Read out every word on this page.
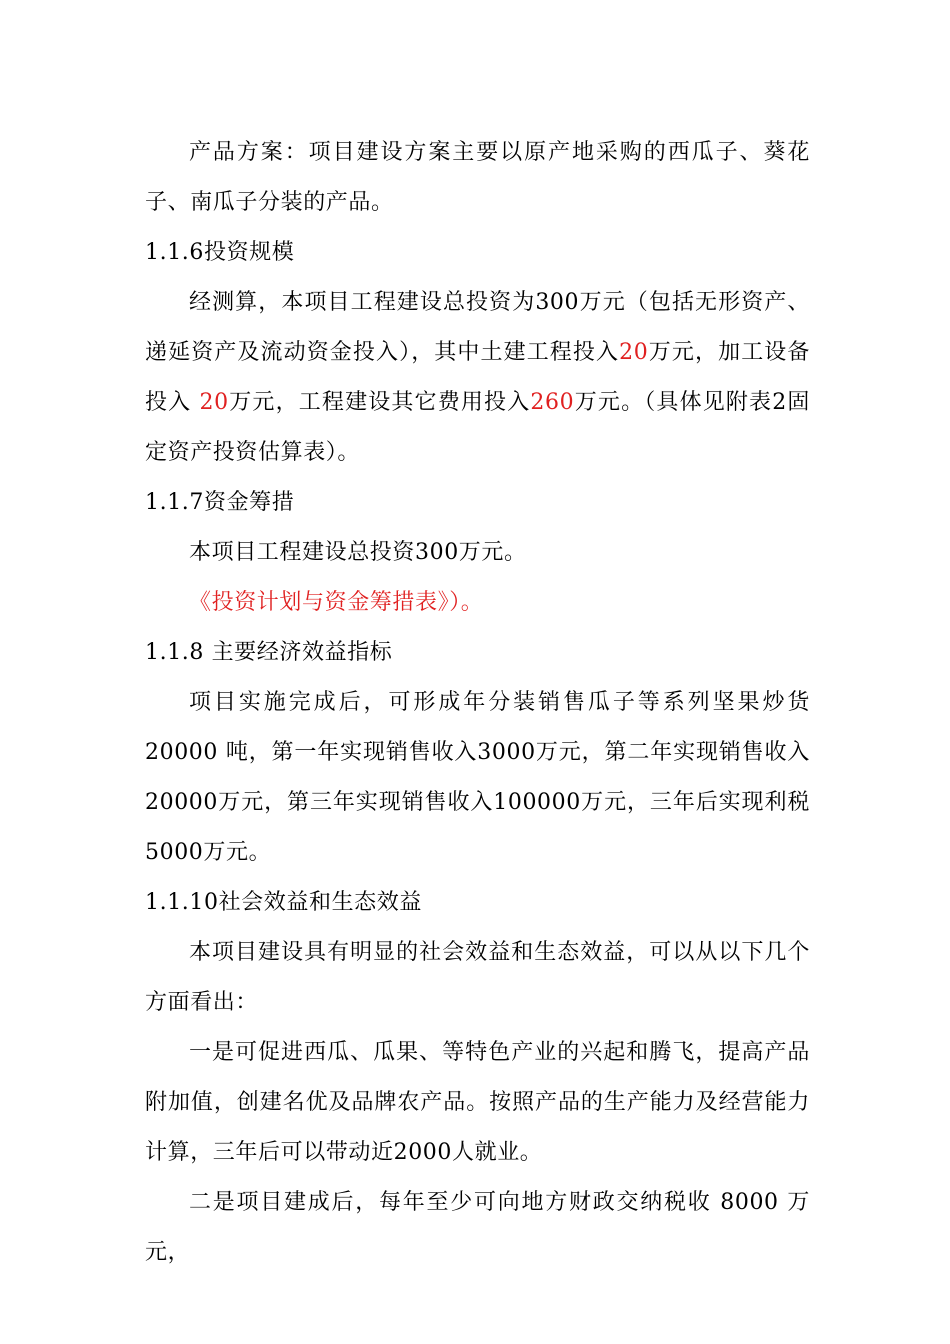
产品方案：项目建设方案主要以原产地采购的西瓜子、葵花子、南瓜子分装的产品。

1.1.6投资规模

经测算，本项目工程建设总投资为300万元（包括无形资产、递延资产及流动资金投入），其中土建工程投入20万元，加工设备投入 20万元，工程建设其它费用投入260万元。（具体见附表2固定资产投资估算表）。

1.1.7资金筹措

本项目工程建设总投资300万元。

《投资计划与资金筹措表》）。

1.1.8 主要经济效益指标

项目实施完成后，可形成年分装销售瓜子等系列坚果炒货20000 吨，第一年实现销售收入3000万元，第二年实现销售收入20000万元，第三年实现销售收入100000万元，三年后实现利税5000万元。

1.1.10社会效益和生态效益

本项目建设具有明显的社会效益和生态效益，可以从以下几个方面看出：

一是可促进西瓜、瓜果、等特色产业的兴起和腾飞，提高产品附加值，创建名优及品牌农产品。按照产品的生产能力及经营能力计算，三年后可以带动近2000人就业。

二是项目建成后，每年至少可向地方财政交纳税收 8000 万元，
